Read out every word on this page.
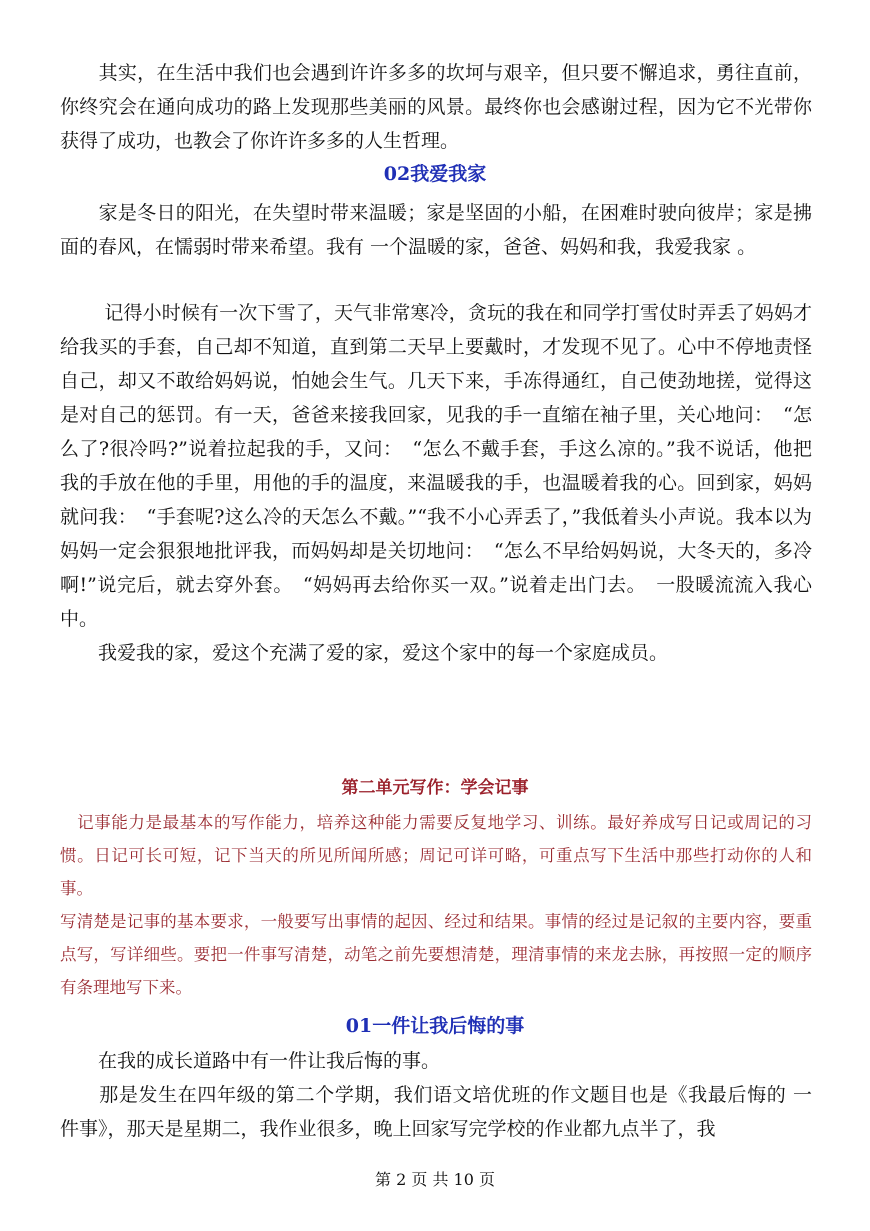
　　其实，在生活中我们也会遇到许许多多的坎坷与艰辛，但只要不懈追求，勇往直前，你终究会在通向成功的路上发现那些美丽的风景。最终你也会感谢过程，因为它不光带你获得了成功，也教会了你许许多多的人生哲理。

02我爱我家

　　家是冬日的阳光，在失望时带来温暖；家是坚固的小船，在困难时驶向彼岸；家是拂面的春风，在懦弱时带来希望。我有 一个温暖的家，爸爸、妈妈和我，我爱我家 。

　　 记得小时候有一次下雪了，天气非常寒冷，贪玩的我在和同学打雪仗时弄丢了妈妈才给我买的手套，自己却不知道，直到第二天早上要戴时，才发现不见了。心中不停地责怪自己，却又不敢给妈妈说，怕她会生气。几天下来，手冻得通红，自己使劲地搓，觉得这是对自己的惩罚。有一天，爸爸来接我回家，见我的手一直缩在袖子里，关心地问：　“怎么了?很冷吗?”说着拉起我的手，又问：　“怎么不戴手套，手这么凉的。”我不说话，他把我的手放在他的手里，用他的手的温度，来温暖我的手，也温暖着我的心。回到家，妈妈就问我：　“手套呢?这么冷的天怎么不戴。”“我不小心弄丢了，”我低着头小声说。我本以为妈妈一定会狠狠地批评我，而妈妈却是关切地问：　“怎么不早给妈妈说，大冬天的，多冷啊!”说完后，就去穿外套。　“妈妈再去给你买一双。”说着走出门去。　一股暖流流入我心中。

　　我爱我的家，爱这个充满了爱的家，爱这个家中的每一个家庭成员。

第二单元写作：学会记事

　记事能力是最基本的写作能力，培养这种能力需要反复地学习、训练。最好养成写日记或周记的习惯。日记可长可短，记下当天的所见所闻所感；周记可详可略，可重点写下生活中那些打动你的人和事。

写清楚是记事的基本要求，一般要写出事情的起因、经过和结果。事情的经过是记叙的主要内容，要重点写，写详细些。要把一件事写清楚，动笔之前先要想清楚，理清事情的来龙去脉，再按照一定的顺序有条理地写下来。

01一件让我后悔的事

　　在我的成长道路中有一件让我后悔的事。

　　那是发生在四年级的第二个学期，我们语文培优班的作文题目也是《我最后悔的 一 件事》，那天是星期二，我作业很多，晚上回家写完学校的作业都九点半了，我

第 2 页 共 10 页
